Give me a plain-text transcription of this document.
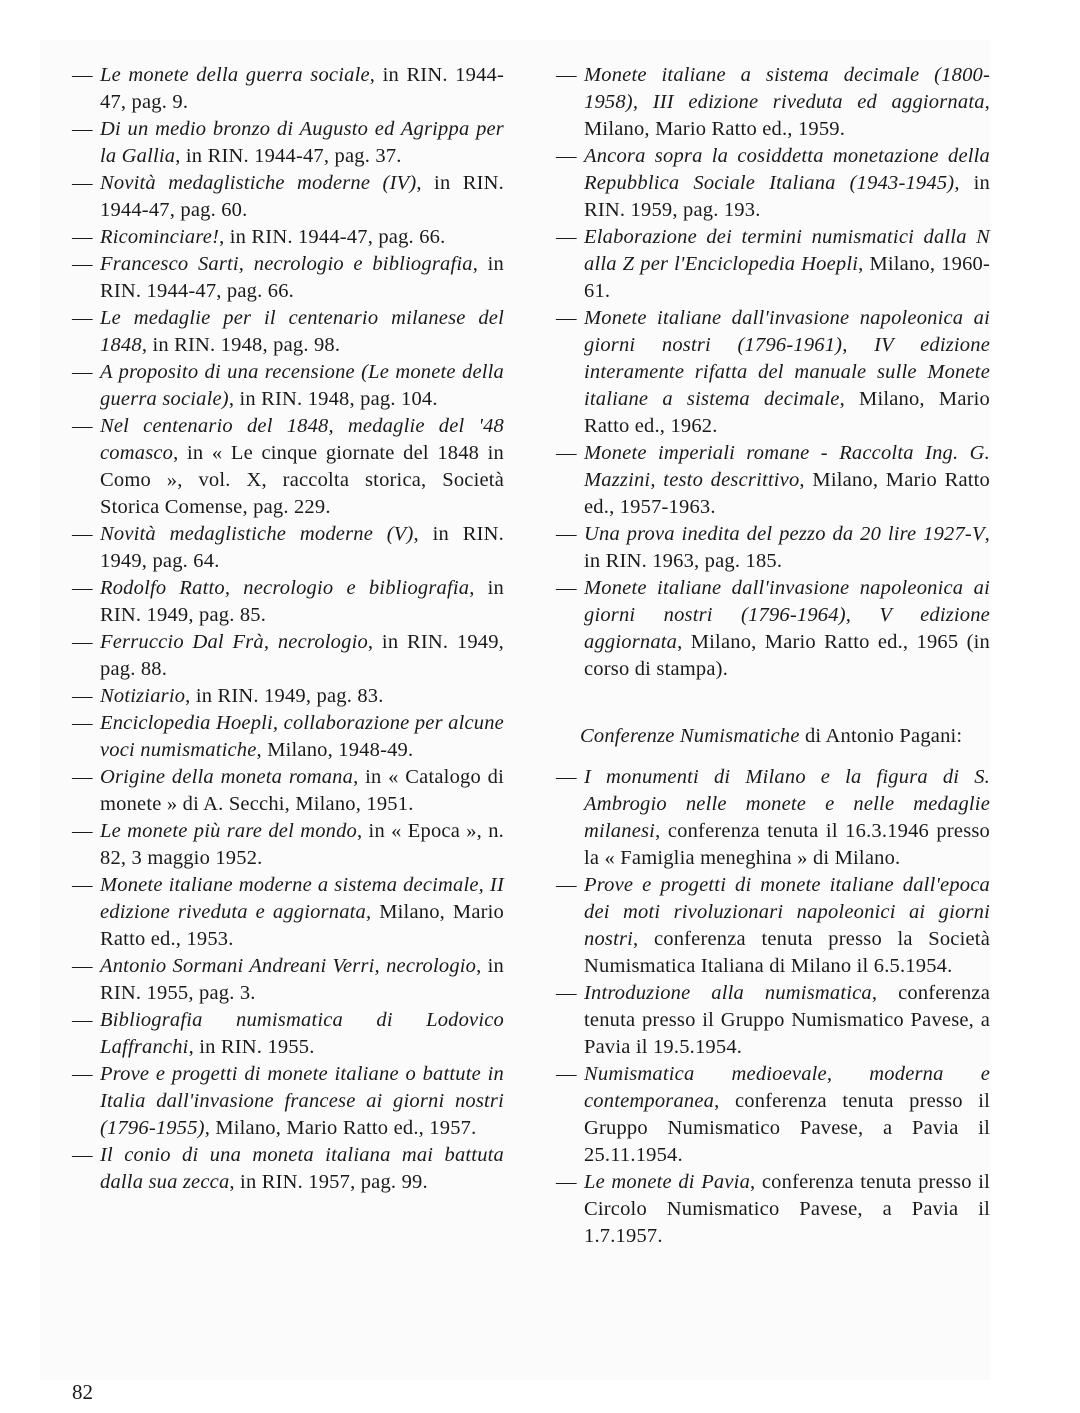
— Le monete della guerra sociale, in RIN. 1944-47, pag. 9.

— Di un medio bronzo di Augusto ed Agrippa per la Gallia, in RIN. 1944-47, pag. 37.

— Novità medaglistiche moderne (IV), in RIN. 1944-47, pag. 60.

— Ricominciare!, in RIN. 1944-47, pag. 66.

— Francesco Sarti, necrologio e bibliografia, in RIN. 1944-47, pag. 66.

— Le medaglie per il centenario milanese del 1848, in RIN. 1948, pag. 98.

— A proposito di una recensione (Le monete della guerra sociale), in RIN. 1948, pag. 104.

— Nel centenario del 1848, medaglie del '48 comasco, in « Le cinque giornate del 1848 in Como », vol. X, raccolta storica, Società Storica Comense, pag. 229.

— Novità medaglistiche moderne (V), in RIN. 1949, pag. 64.

— Rodolfo Ratto, necrologio e bibliografia, in RIN. 1949, pag. 85.

— Ferruccio Dal Frà, necrologio, in RIN. 1949, pag. 88.

— Notiziario, in RIN. 1949, pag. 83.

— Enciclopedia Hoepli, collaborazione per alcune voci numismatiche, Milano, 1948-49.

— Origine della moneta romana, in « Catalogo di monete » di A. Secchi, Milano, 1951.

— Le monete più rare del mondo, in « Epoca », n. 82, 3 maggio 1952.

— Monete italiane moderne a sistema decimale, II edizione riveduta e aggiornata, Milano, Mario Ratto ed., 1953.

— Antonio Sormani Andreani Verri, necrologio, in RIN. 1955, pag. 3.

— Bibliografia numismatica di Lodovico Laffranchi, in RIN. 1955.

— Prove e progetti di monete italiane o battute in Italia dall'invasione francese ai giorni nostri (1796-1955), Milano, Mario Ratto ed., 1957.

— Il conio di una moneta italiana mai battuta dalla sua zecca, in RIN. 1957, pag. 99.

— Monete italiane a sistema decimale (1800-1958), III edizione riveduta ed aggiornata, Milano, Mario Ratto ed., 1959.

— Ancora sopra la cosiddetta monetazione della Repubblica Sociale Italiana (1943-1945), in RIN. 1959, pag. 193.

— Elaborazione dei termini numismatici dalla N alla Z per l'Enciclopedia Hoepli, Milano, 1960-61.

— Monete italiane dall'invasione napoleonica ai giorni nostri (1796-1961), IV edizione interamente rifatta del manuale sulle Monete italiane a sistema decimale, Milano, Mario Ratto ed., 1962.

— Monete imperiali romane - Raccolta Ing. G. Mazzini, testo descrittivo, Milano, Mario Ratto ed., 1957-1963.

— Una prova inedita del pezzo da 20 lire 1927-V, in RIN. 1963, pag. 185.

— Monete italiane dall'invasione napoleonica ai giorni nostri (1796-1964), V edizione aggiornata, Milano, Mario Ratto ed., 1965 (in corso di stampa).

Conferenze Numismatiche di Antonio Pagani:

— I monumenti di Milano e la figura di S. Ambrogio nelle monete e nelle medaglie milanesi, conferenza tenuta il 16.3.1946 presso la « Famiglia meneghina » di Milano.

— Prove e progetti di monete italiane dall'epoca dei moti rivoluzionari napoleonici ai giorni nostri, conferenza tenuta presso la Società Numismatica Italiana di Milano il 6.5.1954.

— Introduzione alla numismatica, conferenza tenuta presso il Gruppo Numismatico Pavese, a Pavia il 19.5.1954.

— Numismatica medioevale, moderna e contemporanea, conferenza tenuta presso il Gruppo Numismatico Pavese, a Pavia il 25.11.1954.

— Le monete di Pavia, conferenza tenuta presso il Circolo Numismatico Pavese, a Pavia il 1.7.1957.

82
